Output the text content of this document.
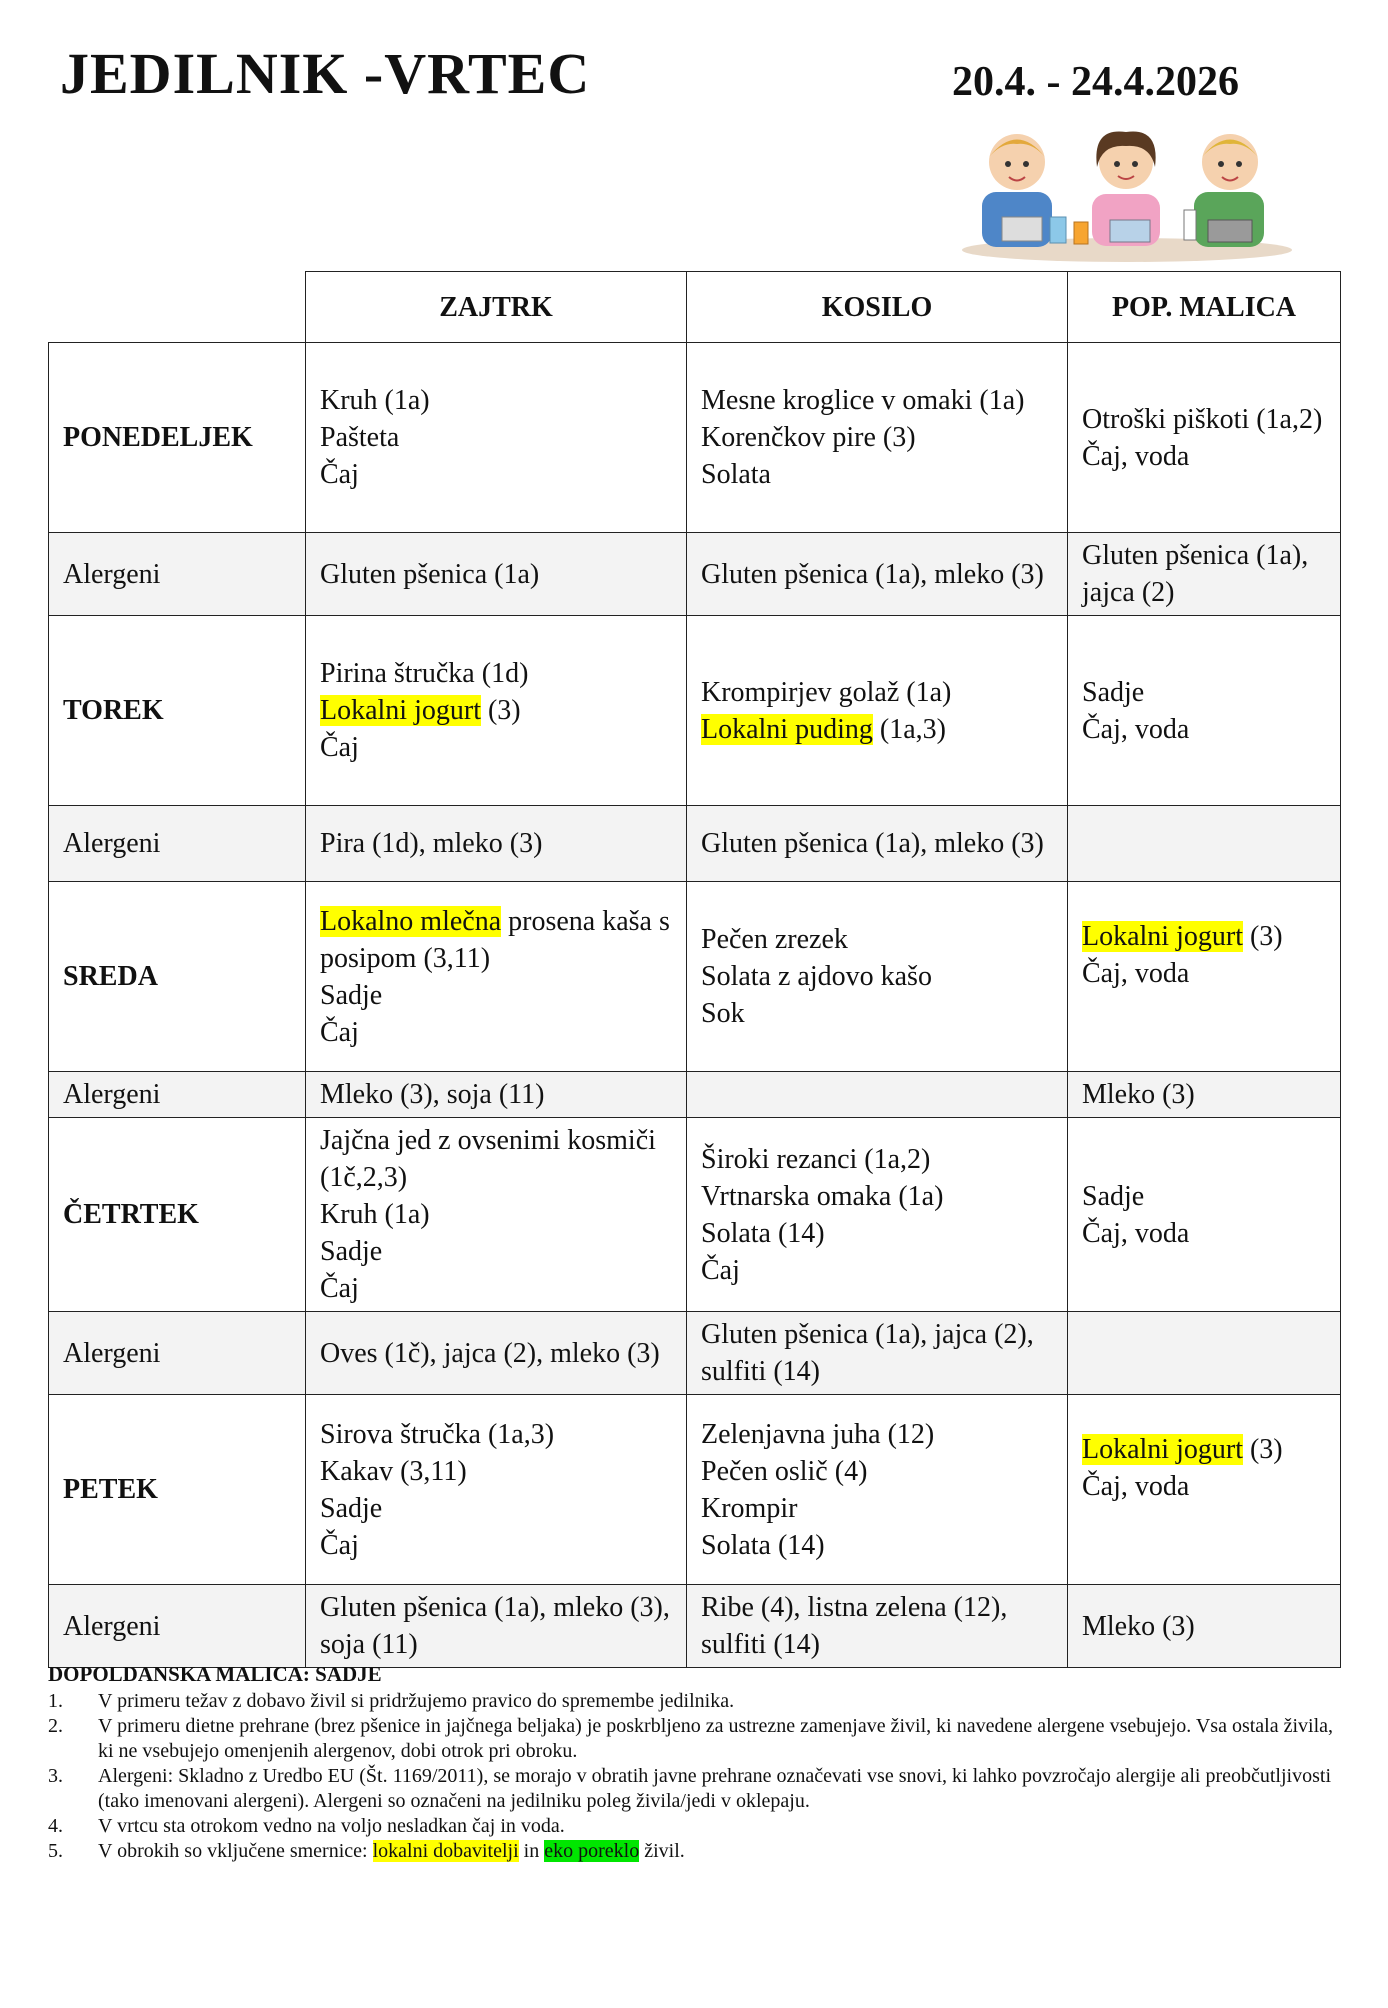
JEDILNIK -VRTEC	20.4. - 24.4.2026
	ZAJTRK	KOSILO	POP. MALICA
PONEDELJEK	Kruh (1a)
Pašteta
Čaj	Mesne kroglice v omaki (1a)
Korenčkov pire (3)
Solata	Otroški piškoti (1a,2)
Čaj, voda

Alergeni	Gluten pšenica (1a)	Gluten pšenica (1a), mleko (3)	Gluten pšenica (1a), jajca (2)
TOREK	Pirina štručka (1d)
Lokalni jogurt (3)
Čaj	Krompirjev golaž (1a)
Lokalni puding (1a,3)	Sadje
Čaj, voda

Alergeni	Pira (1d), mleko (3)	Gluten pšenica (1a), mleko (3)	
SREDA	Lokalno mlečna prosena kaša s posipom (3,11)
Sadje
Čaj	Pečen zrezek
Solata z ajdovo kašo
Sok	Lokalni jogurt (3)
Čaj, voda

Alergeni	Mleko (3), soja (11)		Mleko (3)
ČETRTEK	Jajčna jed z ovsenimi kosmiči (1č,2,3)
Kruh (1a)
Sadje
Čaj	Široki rezanci (1a,2)
Vrtnarska omaka (1a)
Solata (14)
Čaj	Sadje
Čaj, voda

Alergeni	Oves (1č), jajca (2), mleko (3)	Gluten pšenica (1a), jajca (2), sulfiti (14)	
PETEK	Sirova štručka (1a,3)
Kakav (3,11)
Sadje
Čaj	Zelenjavna juha (12)
Pečen oslič (4)
Krompir
Solata (14)	Lokalni jogurt (3)
Čaj, voda

Alergeni	Gluten pšenica (1a), mleko (3), soja (11)	Ribe (4), listna zelena (12), sulfiti (14)	Mleko (3)
DOPOLDANSKA MALICA: SADJE
1. V primeru težav z dobavo živil si pridržujemo pravico do spremembe jedilnika.
2. V primeru dietne prehrane (brez pšenice in jajčnega beljaka) je poskrbljeno za ustrezne zamenjave živil, ki navedene alergene vsebujejo. Vsa ostala živila, ki ne vsebujejo omenjenih alergenov, dobi otrok pri obroku.
3. Alergeni: Skladno z Uredbo EU (Št. 1169/2011), se morajo v obratih javne prehrane označevati vse snovi, ki lahko povzročajo alergije ali preobčutljivosti (tako imenovani alergeni). Alergeni so označeni na jedilniku poleg živila/jedi v oklepaju.
4. V vrtcu sta otrokom vedno na voljo nesladkan čaj in voda.
5. V obrokih so vključene smernice: lokalni dobavitelji in eko poreklo živil.
